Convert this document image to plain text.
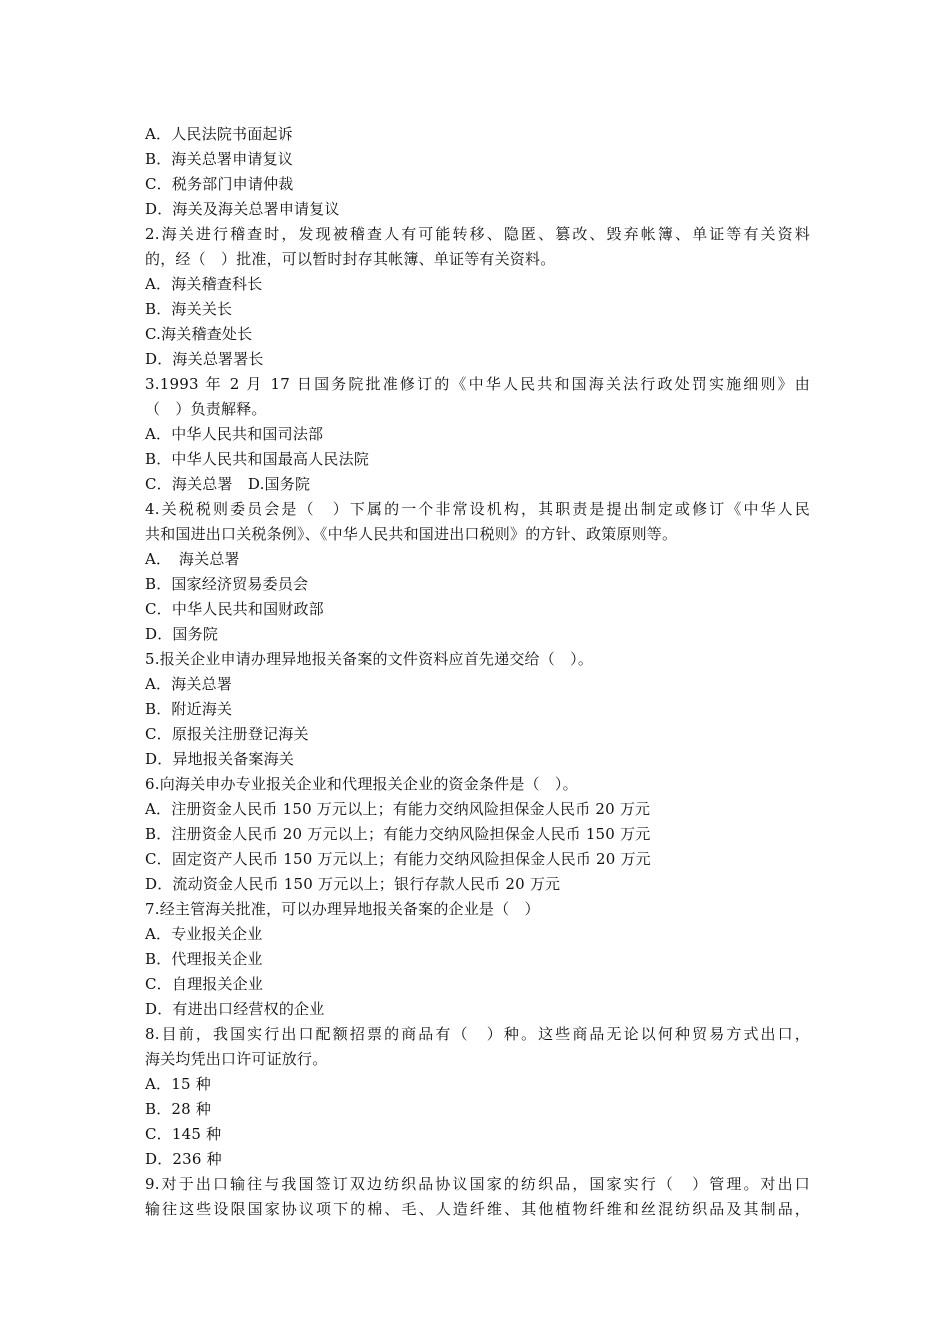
A．人民法院书面起诉
B．海关总署申请复议
C．税务部门申请仲裁
D．海关及海关总署申请复议
2.海关进行稽查时，发现被稽查人有可能转移、隐匿、篡改、毁弃帐簿、单证等有关资料
的，经（　）批准，可以暂时封存其帐簿、单证等有关资料。
A．海关稽查科长
B．海关关长
C.海关稽查处长
D．海关总署署长
3.1993 年 2 月 17 日国务院批准修订的《中华人民共和国海关法行政处罚实施细则》由
（　）负责解释。
A．中华人民共和国司法部
B．中华人民共和国最高人民法院
C．海关总署　D.国务院
4.关税税则委员会是（　）下属的一个非常设机构，其职责是提出制定或修订《中华人民
共和国进出口关税条例》、《中华人民共和国进出口税则》的方针、政策原则等。
A．　海关总署
B．国家经济贸易委员会
C．中华人民共和国财政部
D．国务院
5.报关企业申请办理异地报关备案的文件资料应首先递交给（　）。
A．海关总署
B．附近海关
C．原报关注册登记海关
D．异地报关备案海关
6.向海关申办专业报关企业和代理报关企业的资金条件是（　）。
A．注册资金人民币 150 万元以上；有能力交纳风险担保金人民币 20 万元
B．注册资金人民币 20 万元以上；有能力交纳风险担保金人民币 150 万元
C．固定资产人民币 150 万元以上；有能力交纳风险担保金人民币 20 万元
D．流动资金人民币 150 万元以上；银行存款人民币 20 万元
7.经主管海关批准，可以办理异地报关备案的企业是（　）
A．专业报关企业
B．代理报关企业
C．自理报关企业
D．有进出口经营权的企业
8.目前，我国实行出口配额招票的商品有（　）种。这些商品无论以何种贸易方式出口，
海关均凭出口许可证放行。
A．15 种
B．28 种
C．145 种
D．236 种
9.对于出口输往与我国签订双边纺织品协议国家的纺织品，国家实行（　）管理。对出口
输往这些设限国家协议项下的棉、毛、人造纤维、其他植物纤维和丝混纺织品及其制品，
